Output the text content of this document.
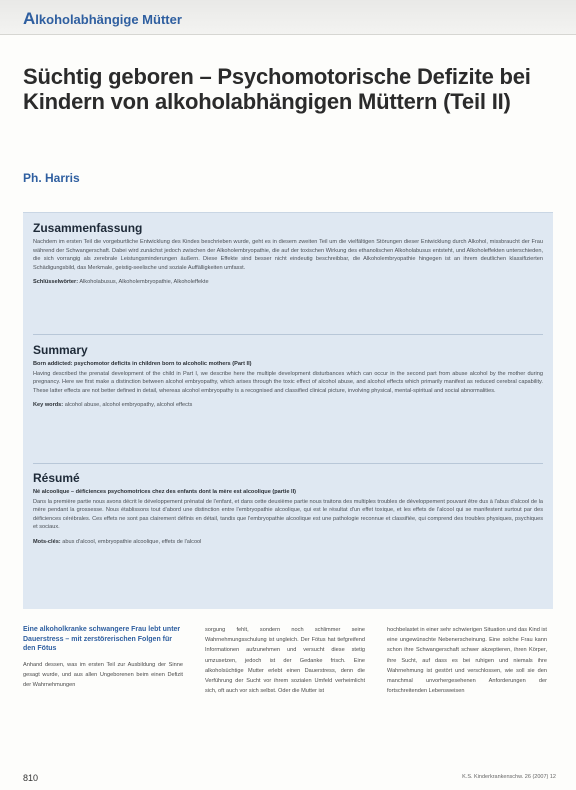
Alkoholabhängige Mütter
Süchtig geboren – Psychomotorische Defizite bei Kindern von alkoholabhängigen Müttern (Teil II)
Ph. Harris
Zusammenfassung

Nachdem im ersten Teil die vorgeburtliche Entwicklung des Kindes beschrieben wurde, geht es in diesem zweiten Teil um die vielfältigen Störungen dieser Entwicklung durch Alkohol, missbraucht der Frau während der Schwangerschaft. Dabei wird zunächst jedoch zwischen der Alkoholembryopathie, die auf der toxischen Wirkung des ethanolischen Alkoholabusus entsteht, und Alkoholeffekten unterschieden, die sich vorrangig als zerebrale Leistungsminderungen äußern. Diese Effekte sind besser nicht eindeutig beschreibbar, die Alkoholembryopathie hingegen ist an ihrem deutlichen klassifizierten Schädigungsbild, das Merkmale, geistig-seelische und soziale Auffälligkeiten umfasst.

Schlüsselwörter: Alkoholabusus, Alkoholembryopathie, Alkoholeffekte

Summary

Born addicted: psychomotor deficits in children born to alcoholic mothers (Part II)

Having described the prenatal development of the child in Part I, we describe here the multiple development disturbances which can occur in the second part from abuse alcohol by the mother during pregnancy. Here we first make a distinction between alcohol embryopathy, which arises through the toxic effect of alcohol abuse, and alcohol effects which primarily manifest as reduced cerebral capability. These latter effects are not better defined in detail, whereas alcohol embryopathy is a recognised and classified clinical picture, involving physical, mental-spiritual and social abnormalities.

Key words: alcohol abuse, alcohol embryopathy, alcohol effects

Résumé

Né alcoolique – déficiences psychomotrices chez des enfants dont la mère est alcoolique (partie II)

Dans la première partie nous avons décrit le développement prénatal de l'enfant, et dans cette deuxième partie nous traitons des multiples troubles de développement pouvant être dus à l'abus d'alcool de la mère pendant la grossesse. Nous établissons tout d'abord une distinction entre l'embryopathie alcoolique, qui est le résultat d'un effet toxique, et les effets de l'alcool qui se manifestent surtout par des déficiences cérébrales. Ces effets ne sont pas clairement définis en détail, tandis que l'embryopathie alcoolique est une pathologie reconnue et classifiée, qui comprend des troubles physiques, psychiques et sociaux.

Mots-clés: abus d'alcool, embryopathie alcoolique, effets de l'alcool

Eine alkoholkranke schwangere Frau lebt unter Dauerstress – mit zerstörerischen Folgen für den Fötus

Anhand dessen, was im ersten Teil zur Ausbildung der Sinne gesagt wurde, und aus allen Ungeborenen beim einen Defizit der Wahrnehmungen

sorgung fehlt, sondern noch schlimmer seine Wahrnehmungsschulung ist ungleich. Der Fötus hat tiefgreifend Informationen aufzunehmen und versucht diese stetig umzusetzen, jedoch ist der Gedanke frisch. Eine alkoholsüchtige Mutter erlebt einen Dauerstress, denn die Verführung der Sucht vor ihrem sozialen Umfeld verheimlicht sich, oft auch vor sich selbst. Oder die Mutter ist

hochbelastet in einer sehr schwierigen Situation und das Kind ist eine ungewünschte Nebenerscheinung. Eine solche Frau kann schon ihre Schwangerschaft schwer akzeptieren, ihren Körper, ihre Sucht, auf dass es bei ruhigen und niemals ihre Wahrnehmung ist gestört und verschlossen, wie soll sie den manchmal unvorhergesehenen Anforderungen der fortschreitenden Lebensweisen

810	K.S. Kinderkrankenschw. 26 (2007) 12
